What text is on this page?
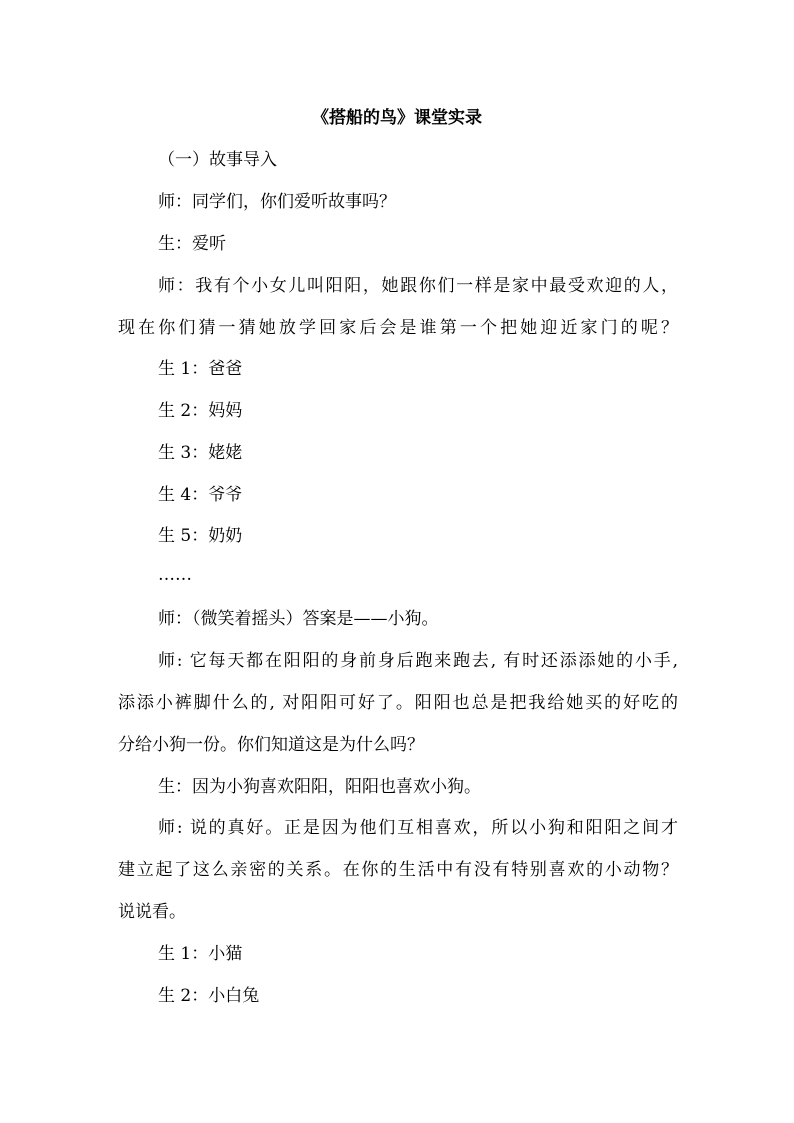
《搭船的鸟》课堂实录
（一）故事导入
师：同学们，你们爱听故事吗？
生：爱听
师：我有个小女儿叫阳阳，她跟你们一样是家中最受欢迎的人，
现在你们猜一猜她放学回家后会是谁第一个把她迎近家门的呢？
生 1：爸爸
生 2：妈妈
生 3：姥姥
生 4：爷爷
生 5：奶奶
……
师：（微笑着摇头）答案是——小狗。
师: 它每天都在阳阳的身前身后跑来跑去, 有时还添添她的小手,
添添小裤脚什么的, 对阳阳可好了。阳阳也总是把我给她买的好吃的
分给小狗一份。你们知道这是为什么吗？
生：因为小狗喜欢阳阳，阳阳也喜欢小狗。
师: 说的真好。正是因为他们互相喜欢，所以小狗和阳阳之间才
建立起了这么亲密的关系。在你的生活中有没有特别喜欢的小动物？
说说看。
生 1：小猫
生 2：小白兔
